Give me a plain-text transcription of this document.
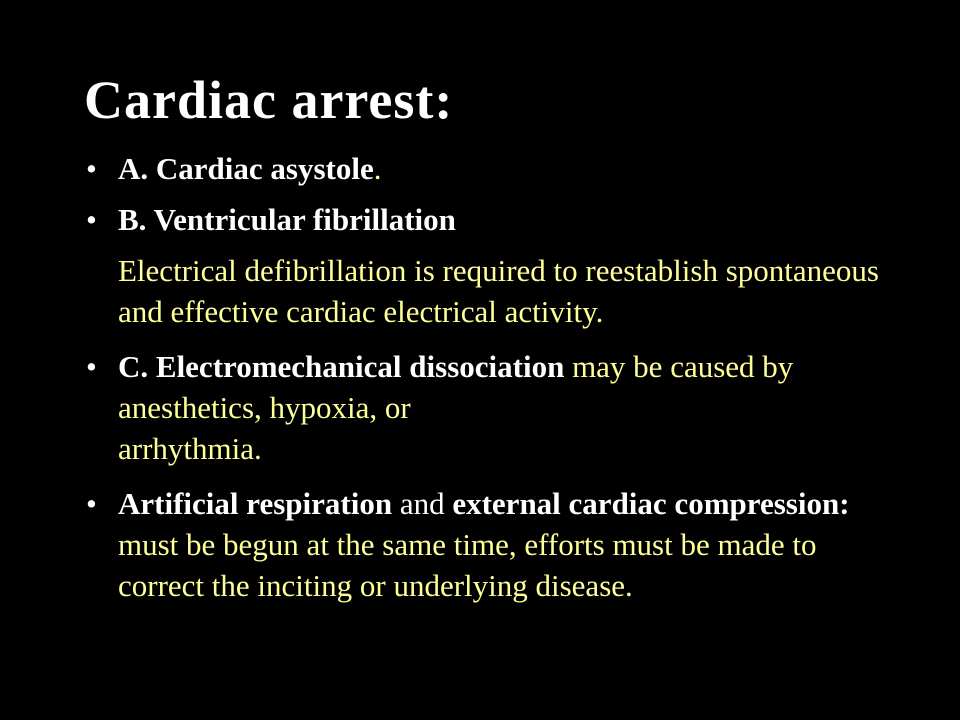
Cardiac arrest:
• A. Cardiac asystole.
• B. Ventricular fibrillation
Electrical defibrillation is required to reestablish spontaneous and effective cardiac electrical activity.
• C. Electromechanical dissociation may be caused by anesthetics, hypoxia, or
arrhythmia.
• Artificial respiration and external cardiac compression: must be begun at the same time, efforts must be made to correct the inciting or underlying disease.
